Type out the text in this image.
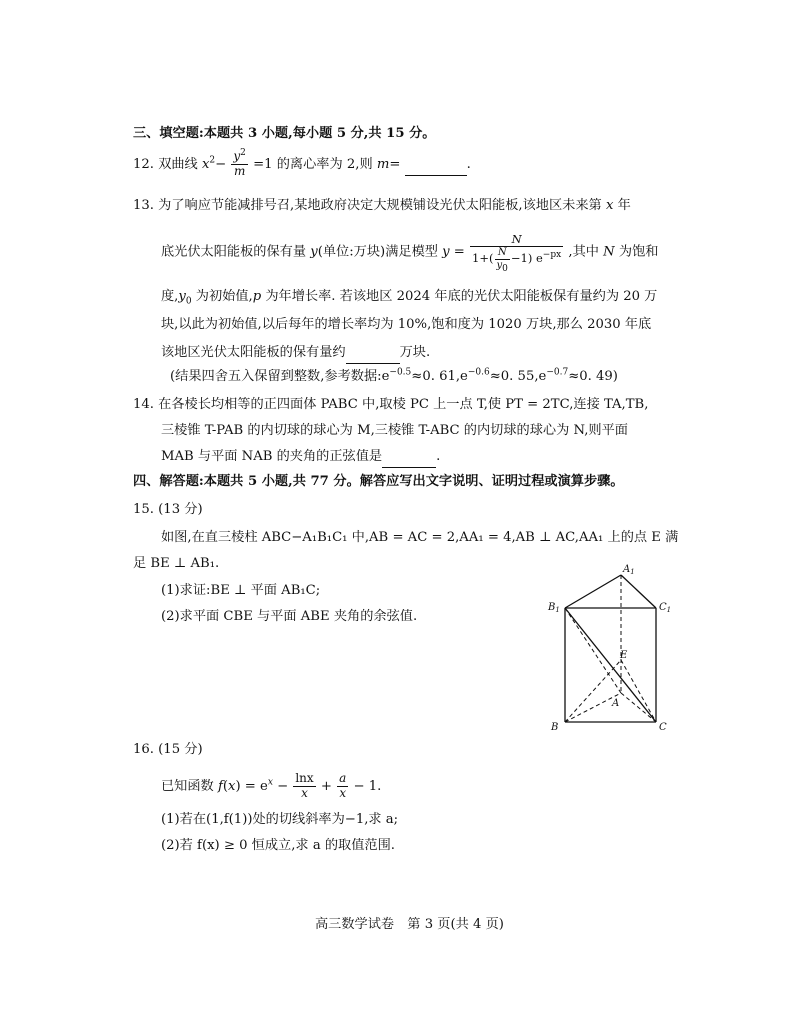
三、填空题:本题共 3 小题,每小题 5 分,共 15 分。
12. 双曲线 $x^2- \frac{y^2}{m} =1$ 的离心率为 2,则 m=	.
13. 为了响应节能减排号召,某地政府决定大规模铺设光伏太阳能板,该地区未来第 x 年
底光伏太阳能板的保有量 y(单位:万块)满足模型 $y = \frac{N}{1+( \frac{N}{y_0} -1) e^{-px}}$ ,其中 N 为饱和
度$,y_0$ 为初始值,p 为年增长率. 若该地区 2024 年底的光伏太阳能板保有量约为 20 万
块,以此为初始值,以后每年的增长率均为 10%,饱和度为 1020 万块,那么 2030 年底
该地区光伏太阳能板的保有量约	万块.
(结果四舍五入保留到整数,参考数据$:e^{-0.5}\approx 0$. $61,e^{-0.6}\approx 0$. $55,e^{-0.7}\approx 0$. 49)
14. 在各棱长均相等的正四面体 PABC 中,取棱 PC 上一点 T,使 PT = 2TC,连接 TA,TB,
三棱锥 T-PAB 的内切球的球心为 M,三棱锥 T-ABC 的内切球的球心为 N,则平面
MAB 与平面 NAB 的夹角的正弦值是	.
四、解答题:本题共 5 小题,共 77 分。解答应写出文字说明、证明过程或演算步骤。
15. (13 分)
如图,在直三棱柱 ABC−A₁B₁C₁ 中,AB = AC = 2,AA₁ = 4,AB ⊥ AC,AA₁ 上的点 E 满
足 BE ⊥ AB₁.
(1)求证:BE ⊥ 平面 AB₁C;
(2)求平面 CBE 与平面 ABE 夹角的余弦值.
$A_1$
$B_1$	$C_1$
E
A
B	C
16. (15 分)
已知函数 $f(x) = e^x - \frac{\ln x}{x} + \frac{a}{x} - 1$.
(1)若在(1,f(1))处的切线斜率为−1,求 a;
(2)若 f(x) ≥ 0 恒成立,求 a 的取值范围.
高三数学试卷　第 3 页(共 4 页)
